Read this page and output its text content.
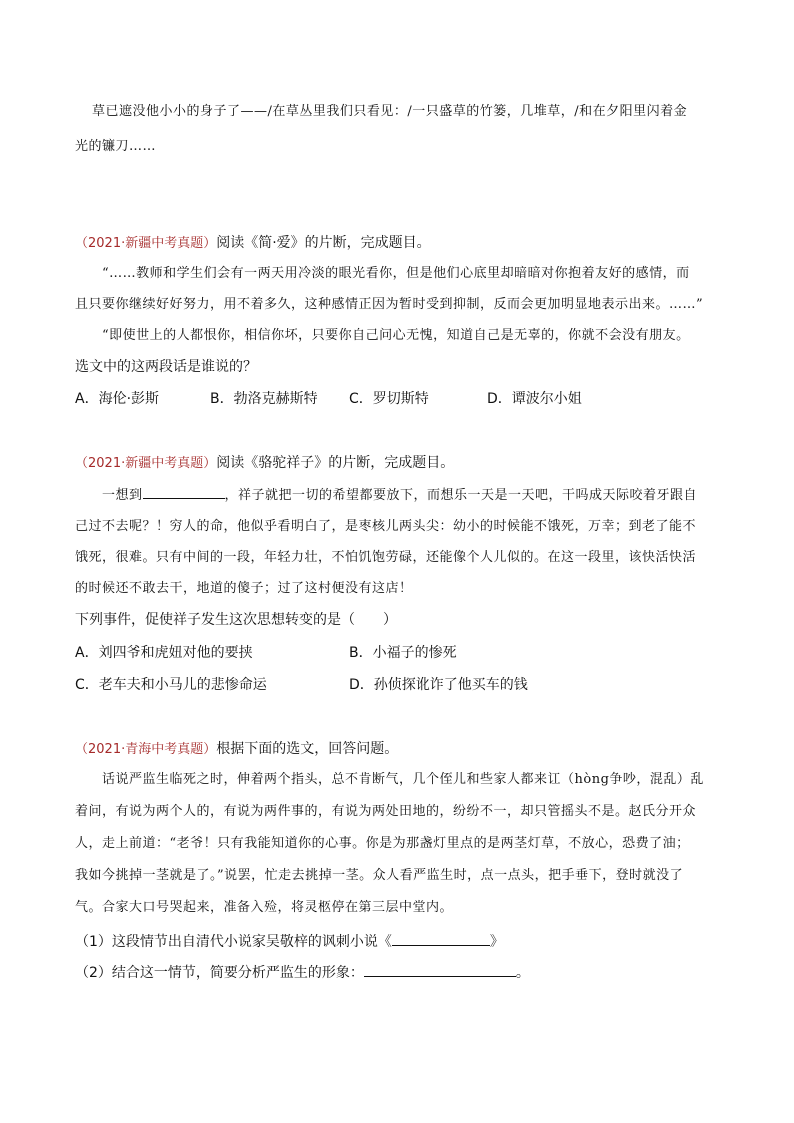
草已遮没他小小的身子了——/在草丛里我们只看见：/一只盛草的竹篓，几堆草，/和在夕阳里闪着金
光的镰刀……
（2021·新疆中考真题）阅读《简·爱》的片断，完成题目。
“……教师和学生们会有一两天用冷淡的眼光看你，但是他们心底里却暗暗对你抱着友好的感情，而
且只要你继续好好努力，用不着多久，这种感情正因为暂时受到抑制，反而会更加明显地表示出来。……”
“即使世上的人都恨你，相信你坏，只要你自己问心无愧，知道自己是无辜的，你就不会没有朋友。
选文中的这两段话是谁说的？
A．海伦·彭斯	B．勃洛克赫斯特 C．罗切斯特	D．谭波尔小姐
（2021·新疆中考真题）阅读《骆驼祥子》的片断，完成题目。
一想到	，祥子就把一切的希望都要放下，而想乐一天是一天吧，干吗成天际咬着牙跟自
己过不去呢？！穷人的命，他似乎看明白了，是枣核儿两头尖：幼小的时候能不饿死，万幸；到老了能不
饿死，很难。只有中间的一段，年轻力壮，不怕饥饱劳碌，还能像个人儿似的。在这一段里，该快活快活
的时候还不敢去干，地道的傻子；过了这村便没有这店！
下列事件，促使祥子发生这次思想转变的是（　　）
A．刘四爷和虎妞对他的要挟	B．小福子的惨死
C．老车夫和小马儿的悲惨命运	D．孙侦探讹诈了他买车的钱
（2021·青海中考真题）根据下面的选文，回答问题。
话说严监生临死之时，伸着两个指头，总不肯断气，几个侄儿和些家人都来讧（hòng争吵，混乱）乱
着问，有说为两个人的，有说为两件事的，有说为两处田地的，纷纷不一，却只管摇头不是。赵氏分开众
人，走上前道：“老爷！只有我能知道你的心事。你是为那盏灯里点的是两茎灯草，不放心，恐费了油；
我如今挑掉一茎就是了。”说罢，忙走去挑掉一茎。众人看严监生时，点一点头，把手垂下，登时就没了
气。合家大口号哭起来，准备入殓，将灵柩停在第三层中堂内。
（1）这段情节出自清代小说家吴敬梓的讽刺小说《	》
（2）结合这一情节，简要分析严监生的形象：	。
